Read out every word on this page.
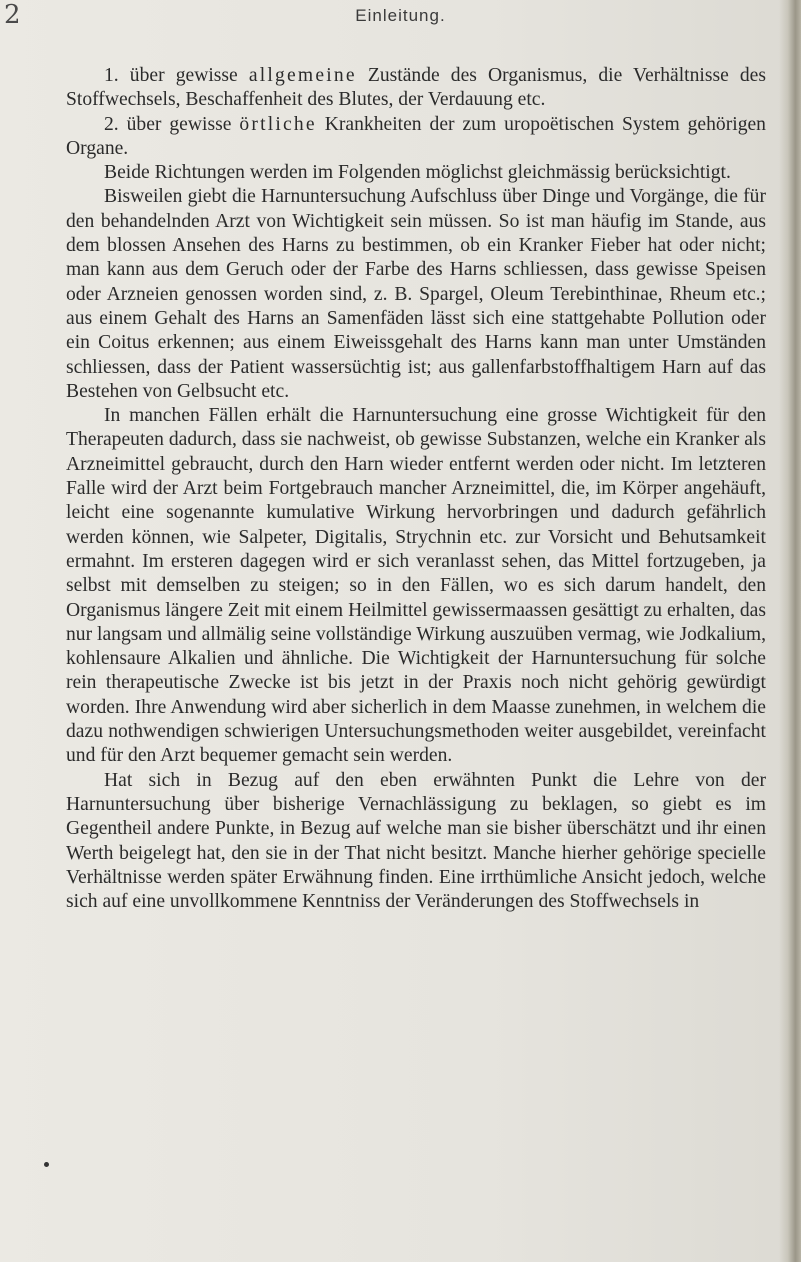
2	Einleitung.

1. über gewisse allgemeine Zustände des Organismus, die Verhältnisse des Stoffwechsels, Beschaffenheit des Blutes, der Verdauung etc.

2. über gewisse örtliche Krankheiten der zum uropoëtischen System gehörigen Organe.

Beide Richtungen werden im Folgenden möglichst gleichmässig berücksichtigt.

Bisweilen giebt die Harnuntersuchung Aufschluss über Dinge und Vorgänge, die für den behandelnden Arzt von Wichtigkeit sein müssen. So ist man häufig im Stande, aus dem blossen Ansehen des Harns zu bestimmen, ob ein Kranker Fieber hat oder nicht; man kann aus dem Geruch oder der Farbe des Harns schliessen, dass gewisse Speisen oder Arzneien genossen worden sind, z. B. Spargel, Oleum Terebinthinae, Rheum etc.; aus einem Gehalt des Harns an Samenfäden lässt sich eine stattgehabte Pollution oder ein Coitus erkennen; aus einem Eiweissgehalt des Harns kann man unter Umständen schliessen, dass der Patient wassersüchtig ist; aus gallenfarbstoffhaltigem Harn auf das Bestehen von Gelbsucht etc.

In manchen Fällen erhält die Harnuntersuchung eine grosse Wichtigkeit für den Therapeuten dadurch, dass sie nachweist, ob gewisse Substanzen, welche ein Kranker als Arzneimittel gebraucht, durch den Harn wieder entfernt werden oder nicht. Im letzteren Falle wird der Arzt beim Fortgebrauch mancher Arzneimittel, die, im Körper angehäuft, leicht eine sogenannte kumulative Wirkung hervorbringen und dadurch gefährlich werden können, wie Salpeter, Digitalis, Strychnin etc. zur Vorsicht und Behutsamkeit ermahnt. Im ersteren dagegen wird er sich veranlasst sehen, das Mittel fortzugeben, ja selbst mit demselben zu steigen; so in den Fällen, wo es sich darum handelt, den Organismus längere Zeit mit einem Heilmittel gewissermaassen gesättigt zu erhalten, das nur langsam und allmälig seine vollständige Wirkung auszuüben vermag, wie Jodkalium, kohlensaure Alkalien und ähnliche. Die Wichtigkeit der Harnuntersuchung für solche rein therapeutische Zwecke ist bis jetzt in der Praxis noch nicht gehörig gewürdigt worden. Ihre Anwendung wird aber sicherlich in dem Maasse zunehmen, in welchem die dazu nothwendigen schwierigen Untersuchungsmethoden weiter ausgebildet, vereinfacht und für den Arzt bequemer gemacht sein werden.

Hat sich in Bezug auf den eben erwähnten Punkt die Lehre von der Harnuntersuchung über bisherige Vernachlässigung zu beklagen, so giebt es im Gegentheil andere Punkte, in Bezug auf welche man sie bisher überschätzt und ihr einen Werth beigelegt hat, den sie in der That nicht besitzt. Manche hierher gehörige specielle Verhältnisse werden später Erwähnung finden. Eine irrthümliche Ansicht jedoch, welche sich auf eine unvollkommene Kenntniss der Veränderungen des Stoffwechsels in
